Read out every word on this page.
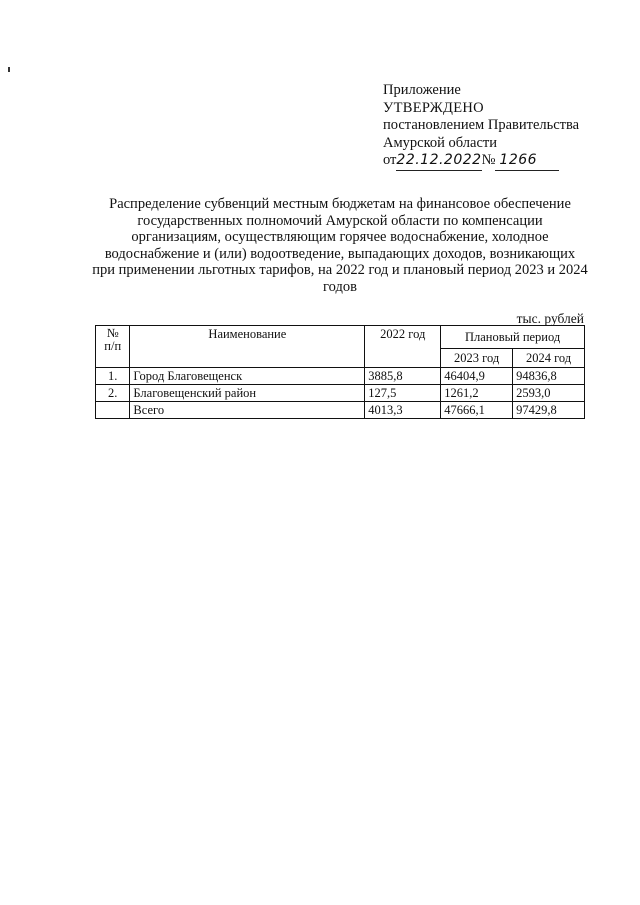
Приложение
УТВЕРЖДЕНО
постановлением Правительства
Амурской области
от22.12.2022№ 1266
Распределение субвенций местным бюджетам на финансовое обеспечение
государственных полномочий Амурской области по компенсации
организациям, осуществляющим горячее водоснабжение, холодное
водоснабжение и (или) водоотведение, выпадающих доходов, возникающих
при применении льготных тарифов, на 2022 год и плановый период 2023 и 2024
годов
тыс. рублей
№
п/п	Наименование	2022 год	Плановый период	
			2023 год	2024 год
1.	Город Благовещенск	3885,8	46404,9	94836,8
2.	Благовещенский район	127,5	1261,2	2593,0
	Всего	4013,3	47666,1	97429,8
